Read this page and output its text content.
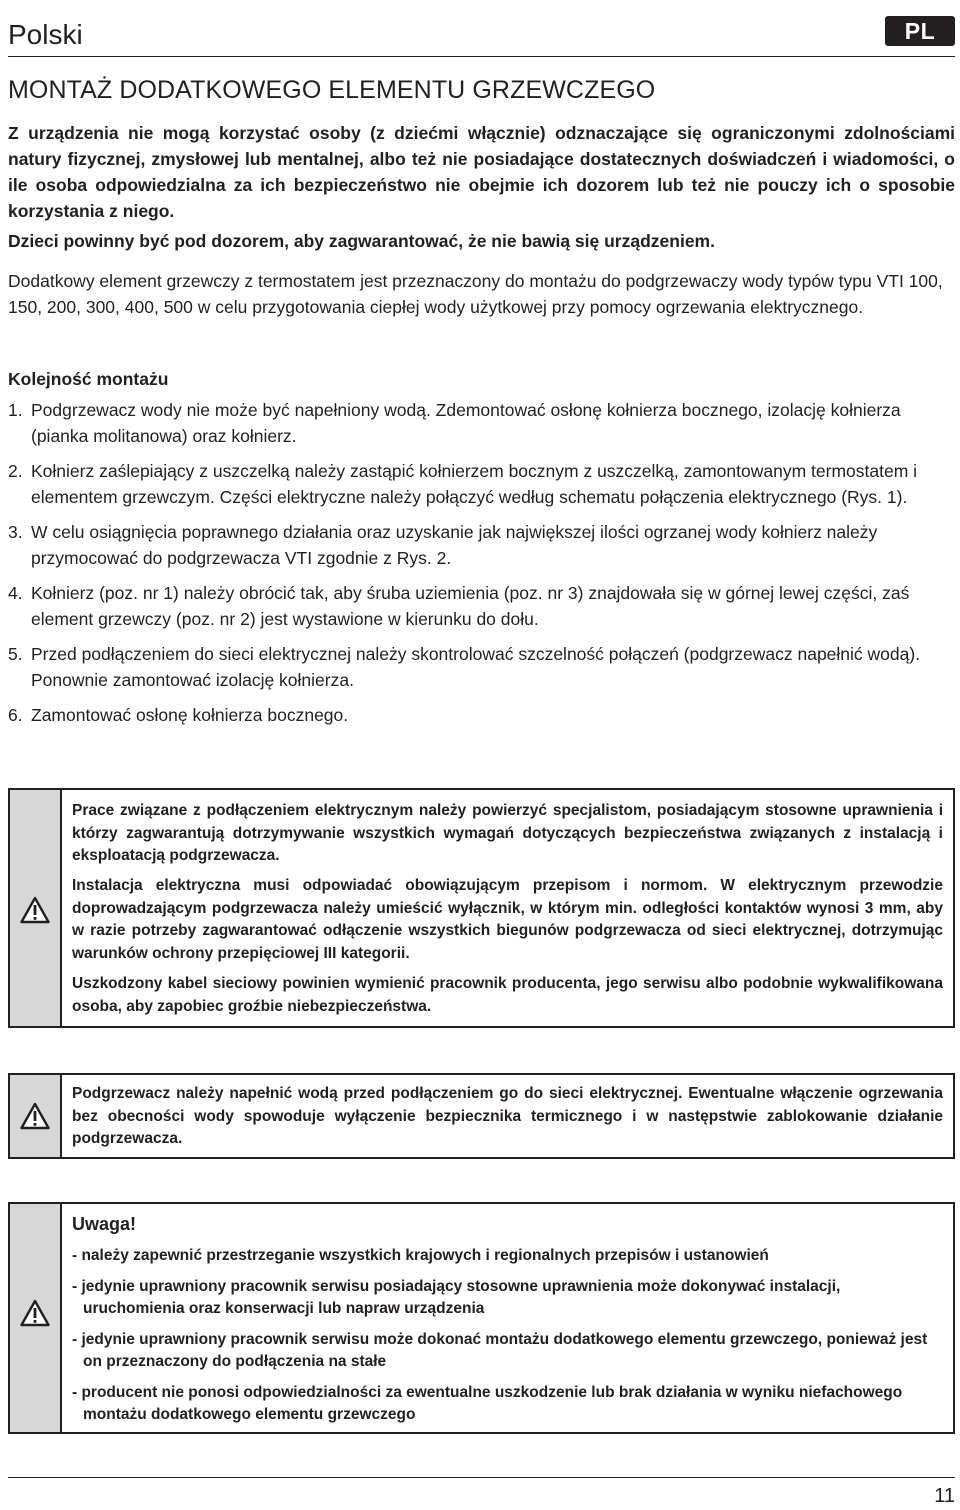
Polski	PL
MONTAŻ DODATKOWEGO ELEMENTU GRZEWCZEGO

Z urządzenia nie mogą korzystać osoby (z dziećmi włącznie) odznaczające się ograniczonymi zdolnościami natury fizycznej, zmysłowej lub mentalnej, albo też nie posiadające dostatecznych doświadczeń i wiadomości, o ile osoba odpowiedzialna za ich bezpieczeństwo nie obejmie ich dozorem lub też nie pouczy ich o sposobie korzystania z niego.

Dzieci powinny być pod dozorem, aby zagwarantować, że nie bawią się urządzeniem.

Dodatkowy element grzewczy z termostatem jest przeznaczony do montażu do podgrzewaczy wody typów typu VTI 100, 150, 200, 300, 400, 500 w celu przygotowania ciepłej wody użytkowej przy pomocy ogrzewania elektrycznego.

Kolejność montażu
1. Podgrzewacz wody nie może być napełniony wodą. Zdemontować osłonę kołnierza bocznego, izolację kołnierza (pianka molitanowa) oraz kołnierz.
2. Kołnierz zaślepiający z uszczelką należy zastąpić kołnierzem bocznym z uszczelką, zamontowanym termostatem i elementem grzewczym. Części elektryczne należy połączyć według schematu połączenia elektrycznego (Rys. 1).
3. W celu osiągnięcia poprawnego działania oraz uzyskanie jak największej ilości ogrzanej wody kołnierz należy przymocować do podgrzewacza VTI zgodnie z Rys. 2.
4. Kołnierz (poz. nr 1) należy obrócić tak, aby śruba uziemienia (poz. nr 3) znajdowała się w górnej lewej części, zaś element grzewczy (poz. nr 2) jest wystawione w kierunku do dołu.
5. Przed podłączeniem do sieci elektrycznej należy skontrolować szczelność połączeń (podgrzewacz napełnić wodą). Ponownie zamontować izolację kołnierza.
6. Zamontować osłonę kołnierza bocznego.

Prace związane z podłączeniem elektrycznym należy powierzyć specjalistom, posiadającym stosowne uprawnienia i którzy zagwarantują dotrzymywanie wszystkich wymagań dotyczących bezpieczeństwa związanych z instalacją i eksploatacją podgrzewacza.

Instalacja elektryczna musi odpowiadać obowiązującym przepisom i normom. W elektrycznym przewodzie doprowadzającym podgrzewacza należy umieścić wyłącznik, w którym min. odległości kontaktów wynosi 3 mm, aby w razie potrzeby zagwarantować odłączenie wszystkich biegunów podgrzewacza od sieci elektrycznej, dotrzymując warunków ochrony przepięciowej III kategorii.

Uszkodzony kabel sieciowy powinien wymienić pracownik producenta, jego serwisu albo podobnie wykwalifikowana osoba, aby zapobiec groźbie niebezpieczeństwa.

Podgrzewacz należy napełnić wodą przed podłączeniem go do sieci elektrycznej. Ewentualne włączenie ogrzewania bez obecności wody spowoduje wyłączenie bezpiecznika termicznego i w następstwie zablokowanie działanie podgrzewacza.

Uwaga!
- należy zapewnić przestrzeganie wszystkich krajowych i regionalnych przepisów i ustanowień
- jedynie uprawniony pracownik serwisu posiadający stosowne uprawnienia może dokonywać instalacji, uruchomienia oraz konserwacji lub napraw urządzenia
- jedynie uprawniony pracownik serwisu może dokonać montażu dodatkowego elementu grzewczego, ponieważ jest on przeznaczony do podłączenia na stałe
- producent nie ponosi odpowiedzialności za ewentualne uszkodzenie lub brak działania w wyniku niefachowego montażu dodatkowego elementu grzewczego
11
